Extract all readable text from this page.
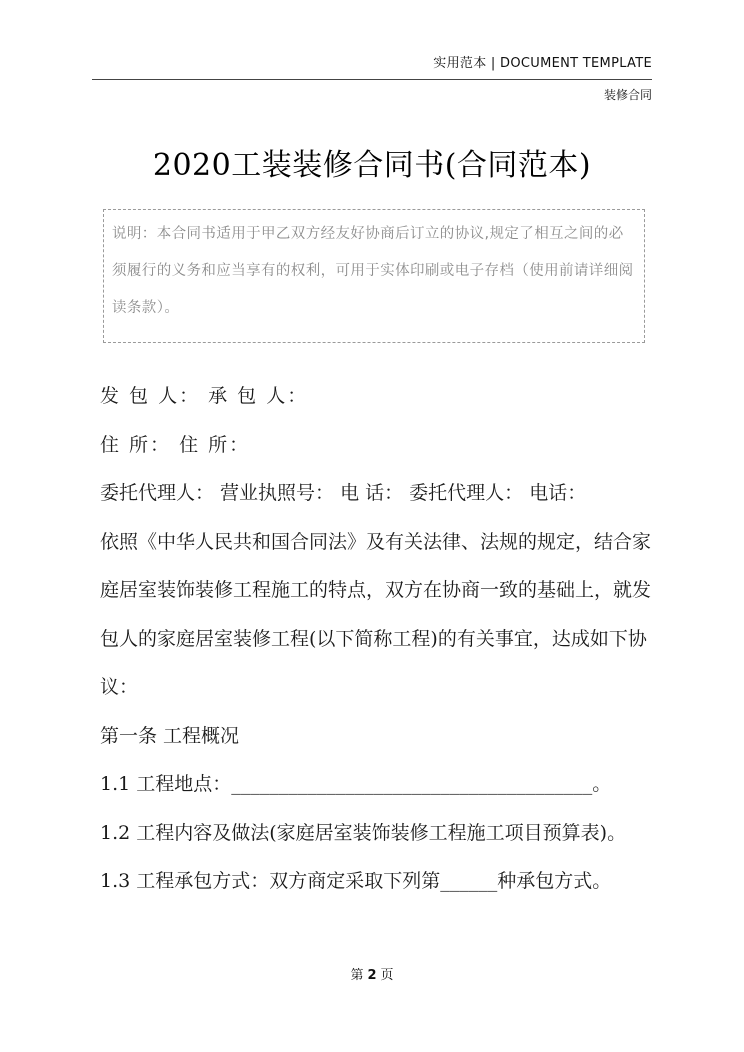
实用范本 | DOCUMENT TEMPLATE
装修合同
2020工装装修合同书(合同范本)
说明：本合同书适用于甲乙双方经友好协商后订立的协议,规定了相互之间的必须履行的义务和应当享有的权利，可用于实体印刷或电子存档（使用前请详细阅读条款）。

发 包 人： 承 包 人：

住 所： 住 所：

委托代理人： 营业执照号： 电 话： 委托代理人： 电话：

依照《中华人民共和国合同法》及有关法律、法规的规定，结合家庭居室装饰装修工程施工的特点，双方在协商一致的基础上，就发包人的家庭居室装修工程(以下简称工程)的有关事宜，达成如下协议：

第一条 工程概况

1.1 工程地点：______________________________________。

1.2 工程内容及做法(家庭居室装饰装修工程施工项目预算表)。

1.3 工程承包方式：双方商定采取下列第______种承包方式。

第 2 页
